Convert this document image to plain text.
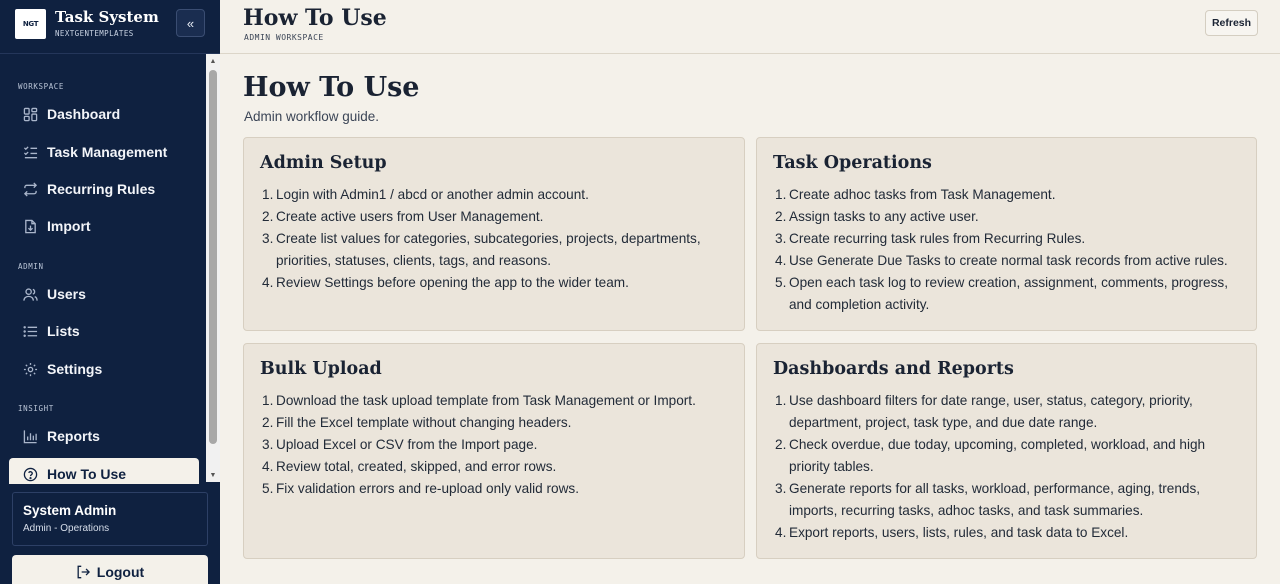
NGT	Task System
NEXTGENTEMPLATES
«
WORKSPACE
Dashboard
Task Management
Recurring Rules
Import
ADMIN
Users
Lists
Settings
INSIGHT
Reports
How To Use
▲
▼
System Admin
Admin - Operations
Logout
How To Use
ADMIN WORKSPACE
Refresh
How To Use
Admin workflow guide.
Admin Setup
Login with Admin1 / abcd or another admin account.
Create active users from User Management.
Create list values for categories, subcategories, projects, departments, priorities, statuses, clients, tags, and reasons.
Review Settings before opening the app to the wider team.
Task Operations
Create adhoc tasks from Task Management.
Assign tasks to any active user.
Create recurring task rules from Recurring Rules.
Use Generate Due Tasks to create normal task records from active rules.
Open each task log to review creation, assignment, comments, progress, and completion activity.
Bulk Upload
Download the task upload template from Task Management or Import.
Fill the Excel template without changing headers.
Upload Excel or CSV from the Import page.
Review total, created, skipped, and error rows.
Fix validation errors and re-upload only valid rows.
Dashboards and Reports
Use dashboard filters for date range, user, status, category, priority, department, project, task type, and due date range.
Check overdue, due today, upcoming, completed, workload, and high priority tables.
Generate reports for all tasks, workload, performance, aging, trends, imports, recurring tasks, adhoc tasks, and task summaries.
Export reports, users, lists, rules, and task data to Excel.
